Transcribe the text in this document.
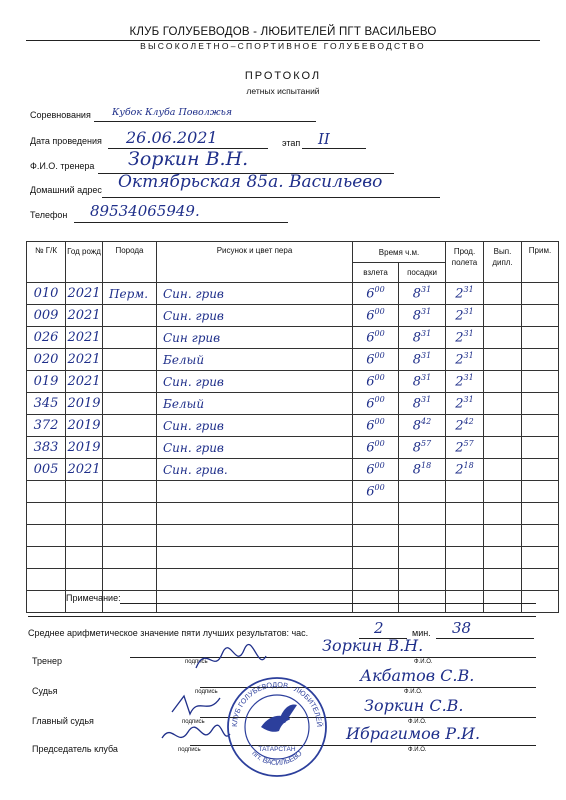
КЛУБ ГОЛУБЕВОДОВ - ЛЮБИТЕЛЕЙ ПГТ ВАСИЛЬЕВО
ВЫСОКОЛЕТНО–СПОРТИВНОЕ ГОЛУБЕВОДСТВО
ПРОТОКОЛ
летных испытаний
Соревнования Кубок Клуба Поволжья
Дата проведения 26.06.2021	этап II
Ф.И.О. тренера Зоркин В.Н.
Домашний адрес Октябрьская 85а. Васильево
Телефон 89534065949.
№ Г/К	Год рожд	Порода	Рисунок и цвет пера	Время ч.м.		Прод. полета	Вып. дипл.	Прим.
				взлета	посадки			
010	2021	Перм.	Син. грив	$6^{00}$	$8^{31}$	$2^{31}$		
009	2021		Син. грив	$6^{00}$	$8^{31}$	$2^{31}$		
026	2021		Син грив	$6^{00}$	$8^{31}$	$2^{31}$		
020	2021		Белый	$6^{00}$	$8^{31}$	$2^{31}$		
019	2021		Син. грив	$6^{00}$	$8^{31}$	$2^{31}$		
345	2019		Белый	$6^{00}$	$8^{31}$	$2^{31}$		
372	2019		Син. грив	$6^{00}$	$8^{42}$	$2^{42}$		
383	2019		Син. грив	$6^{00}$	$8^{57}$	$2^{57}$		
005	2021		Син. грив.	$6^{00}$	$8^{18}$	$2^{18}$		
				$6^{00}$				

Примечание:
Среднее арифметическое значение пяти лучших результатов: час.	2	мин. 38
Тренер	подпись	Ф.И.О.
Зоркин В.Н.
Судья	подпись	Ф.И.О.
Акбатов С.В.
Главный судья	подпись	Ф.И.О.
Зоркин С.В.
Председатель клуба	подпись	Ф.И.О.
Ибрагимов Р.И.
КЛУБ ГОЛУБЕВОДОВ - ЛЮБИТЕЛЕЙ
пгт. ВАСИЛЬЕВО
ТАТАРСТАН
